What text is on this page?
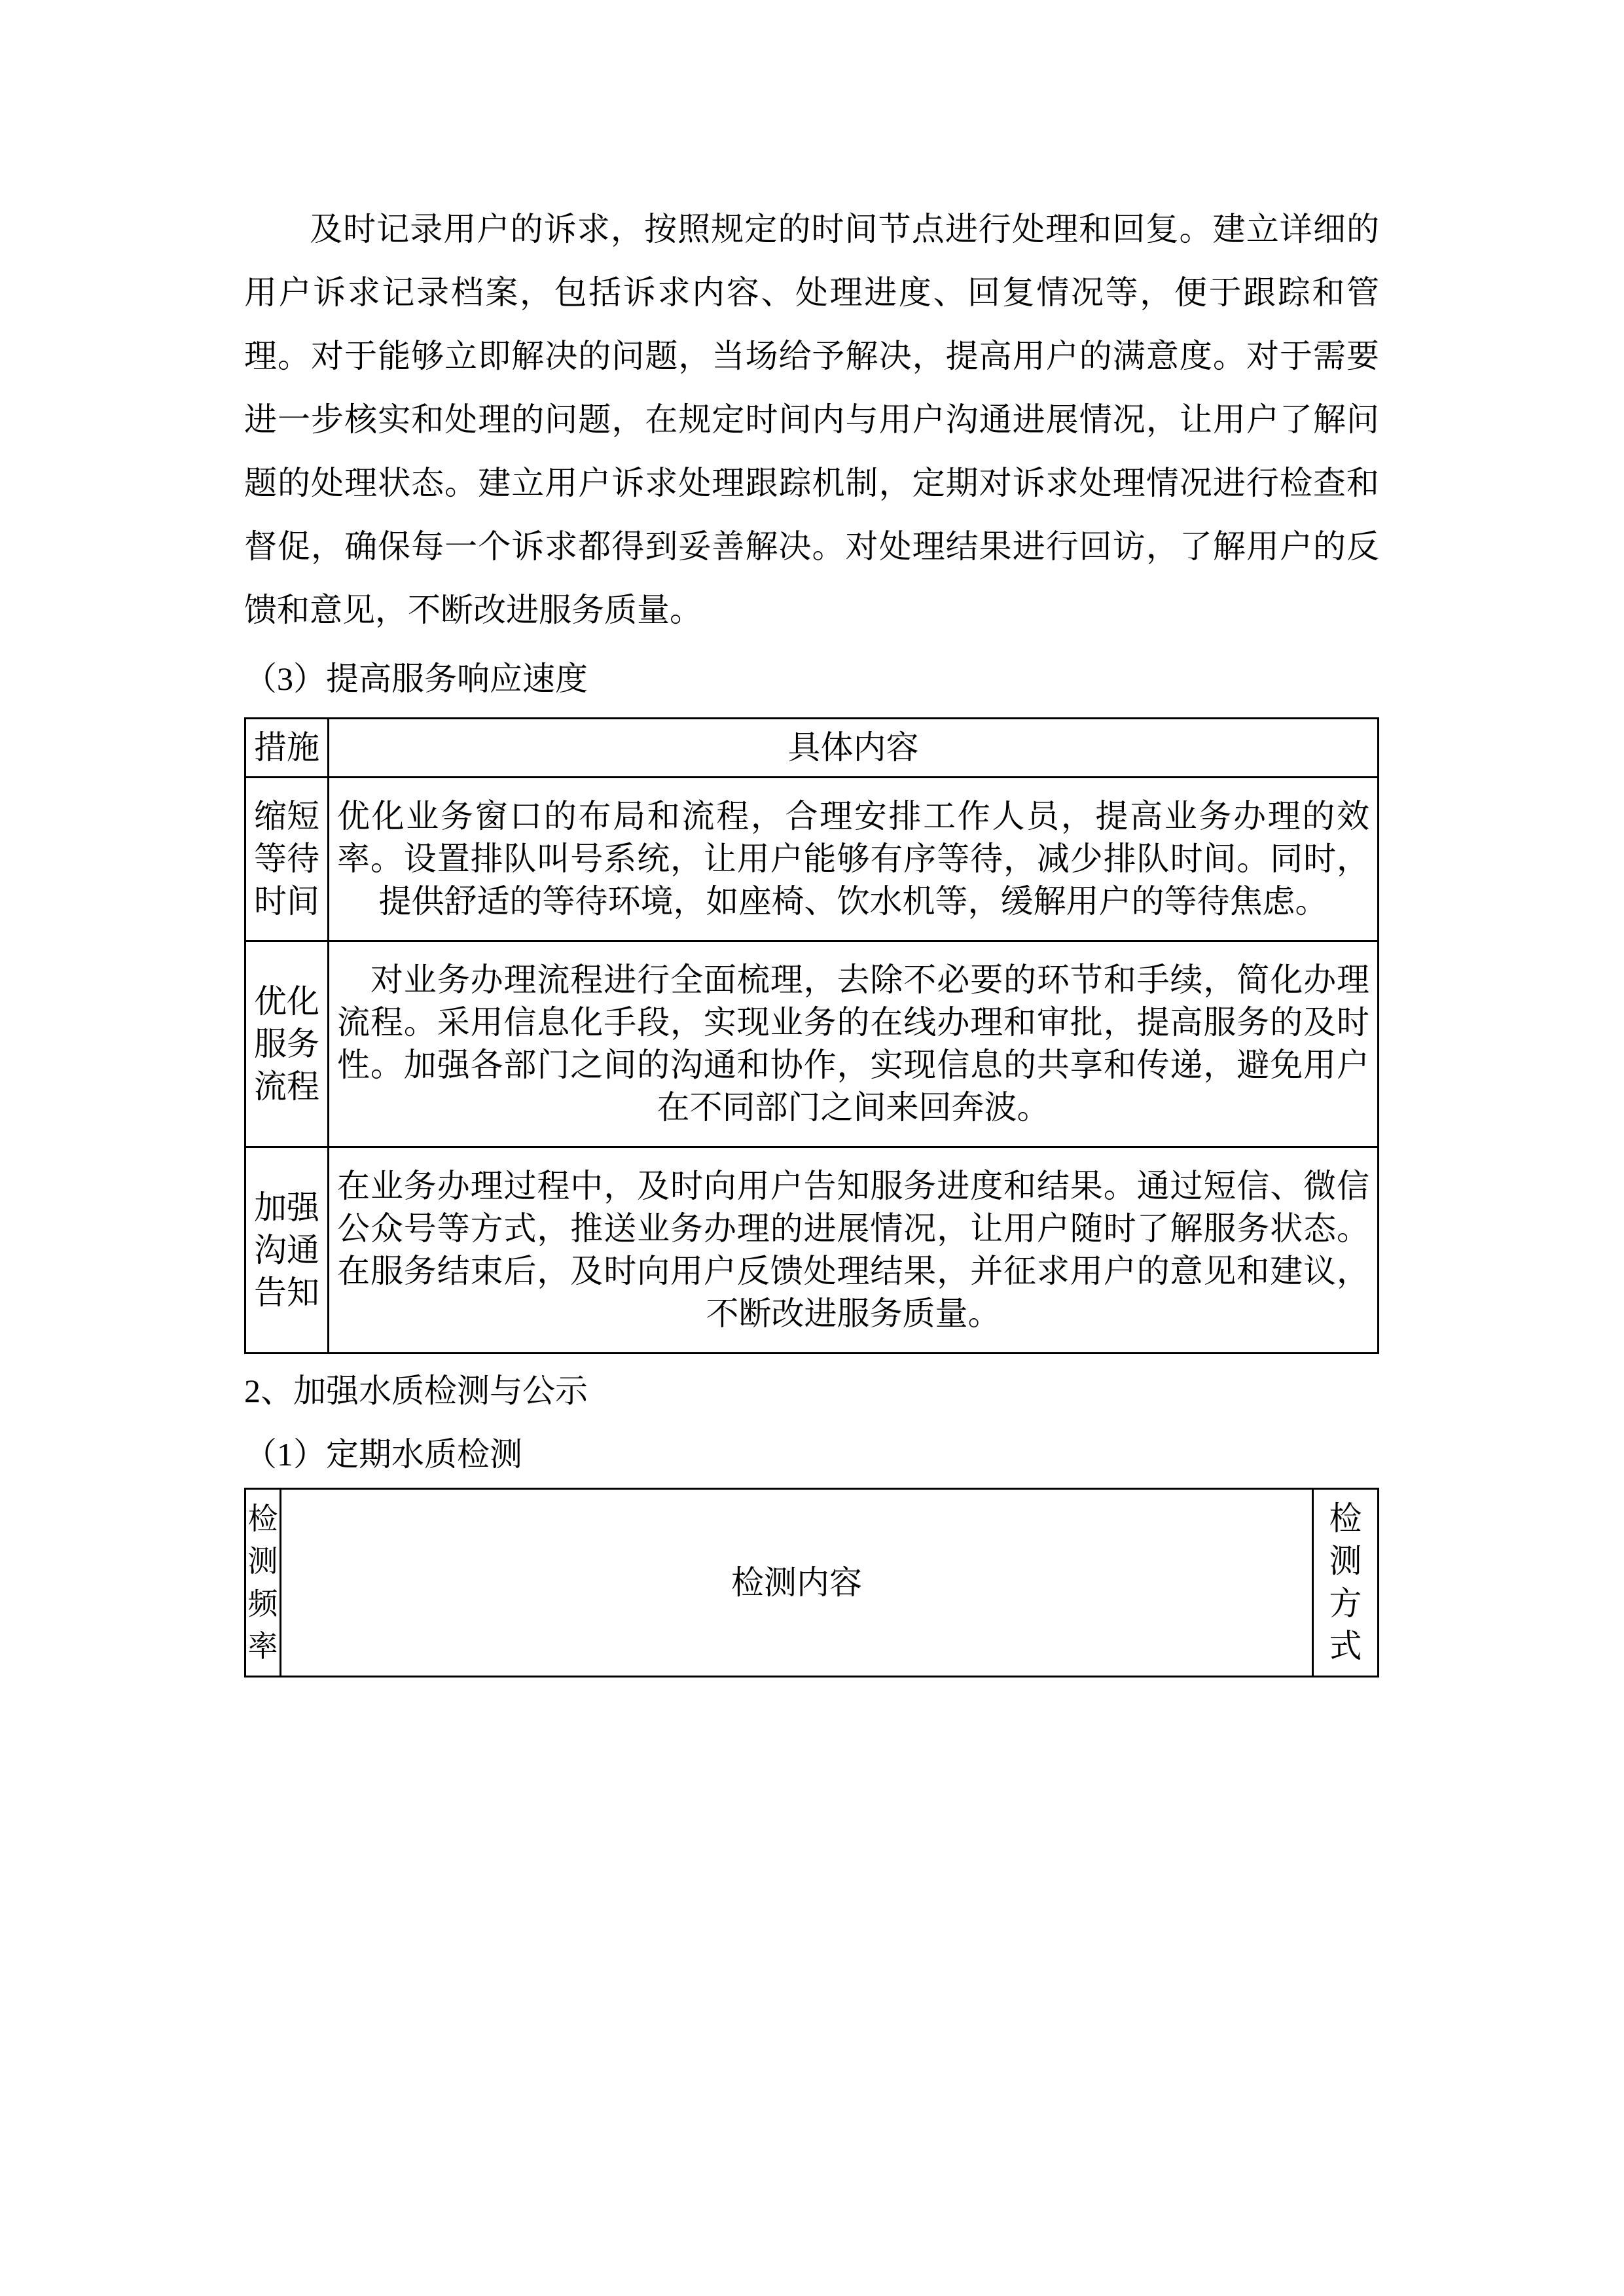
及时记录用户的诉求，按照规定的时间节点进行处理和回复。建立详细的用户诉求记录档案，包括诉求内容、处理进度、回复情况等，便于跟踪和管理。对于能够立即解决的问题，当场给予解决，提高用户的满意度。对于需要进一步核实和处理的问题，在规定时间内与用户沟通进展情况，让用户了解问题的处理状态。建立用户诉求处理跟踪机制，定期对诉求处理情况进行检查和督促，确保每一个诉求都得到妥善解决。对处理结果进行回访，了解用户的反馈和意见，不断改进服务质量。

（3）提高服务响应速度

措施	具体内容
缩短等待时间	优化业务窗口的布局和流程，合理安排工作人员，提高业务办理的效率。设置排队叫号系统，让用户能够有序等待，减少排队时间。同时，提供舒适的等待环境，如座椅、饮水机等，缓解用户的等待焦虑。
优化服务流程	　对业务办理流程进行全面梳理，去除不必要的环节和手续，简化办理流程。采用信息化手段，实现业务的在线办理和审批，提高服务的及时性。加强各部门之间的沟通和协作，实现信息的共享和传递，避免用户在不同部门之间来回奔波。
加强沟通告知	在业务办理过程中，及时向用户告知服务进度和结果。通过短信、微信公众号等方式，推送业务办理的进展情况，让用户随时了解服务状态。在服务结束后，及时向用户反馈处理结果，并征求用户的意见和建议，不断改进服务质量。

2、加强水质检测与公示

（1）定期水质检测

检测频率	检测内容	检测方式
